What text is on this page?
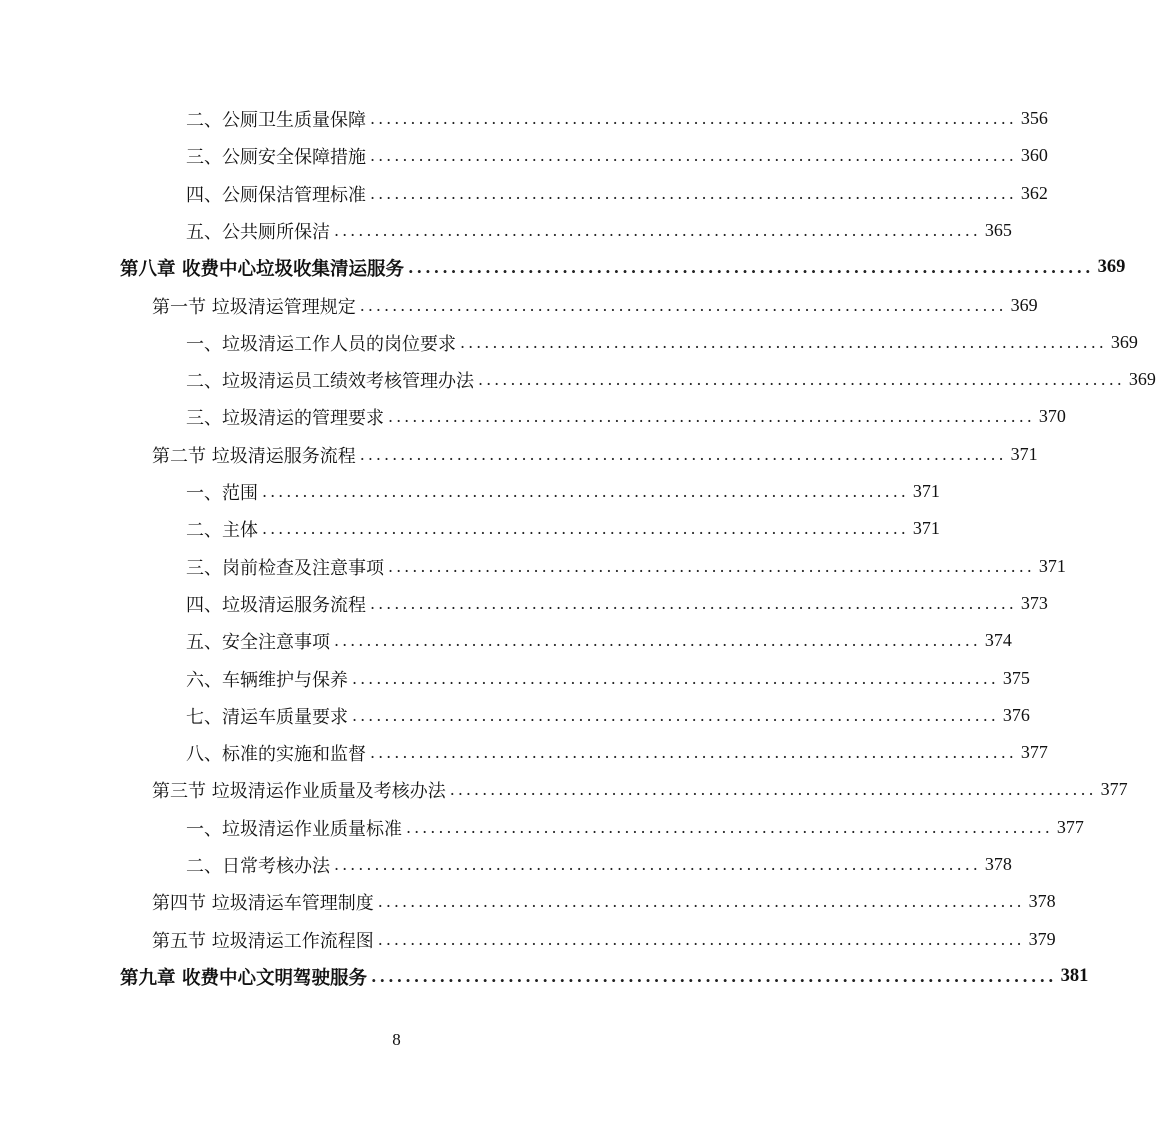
二、公厕卫生质量保障 ................................................................................ 356
三、公厕安全保障措施 ................................................................................ 360
四、公厕保洁管理标准 ................................................................................ 362
五、公共厕所保洁 ................................................................................ 365
第八章 收费中心垃圾收集清运服务 ................................................................................ 369
第一节 垃圾清运管理规定 ................................................................................ 369
一、垃圾清运工作人员的岗位要求 ................................................................................ 369
二、垃圾清运员工绩效考核管理办法 ................................................................................ 369
三、垃圾清运的管理要求 ................................................................................ 370
第二节 垃圾清运服务流程 ................................................................................ 371
一、范围 ................................................................................ 371
二、主体 ................................................................................ 371
三、岗前检查及注意事项 ................................................................................ 371
四、垃圾清运服务流程 ................................................................................ 373
五、安全注意事项 ................................................................................ 374
六、车辆维护与保养 ................................................................................ 375
七、清运车质量要求 ................................................................................ 376
八、标准的实施和监督 ................................................................................ 377
第三节 垃圾清运作业质量及考核办法 ................................................................................ 377
一、垃圾清运作业质量标准 ................................................................................ 377
二、日常考核办法 ................................................................................ 378
第四节 垃圾清运车管理制度 ................................................................................ 378
第五节 垃圾清运工作流程图 ................................................................................ 379
第九章 收费中心文明驾驶服务 ................................................................................ 381
8
